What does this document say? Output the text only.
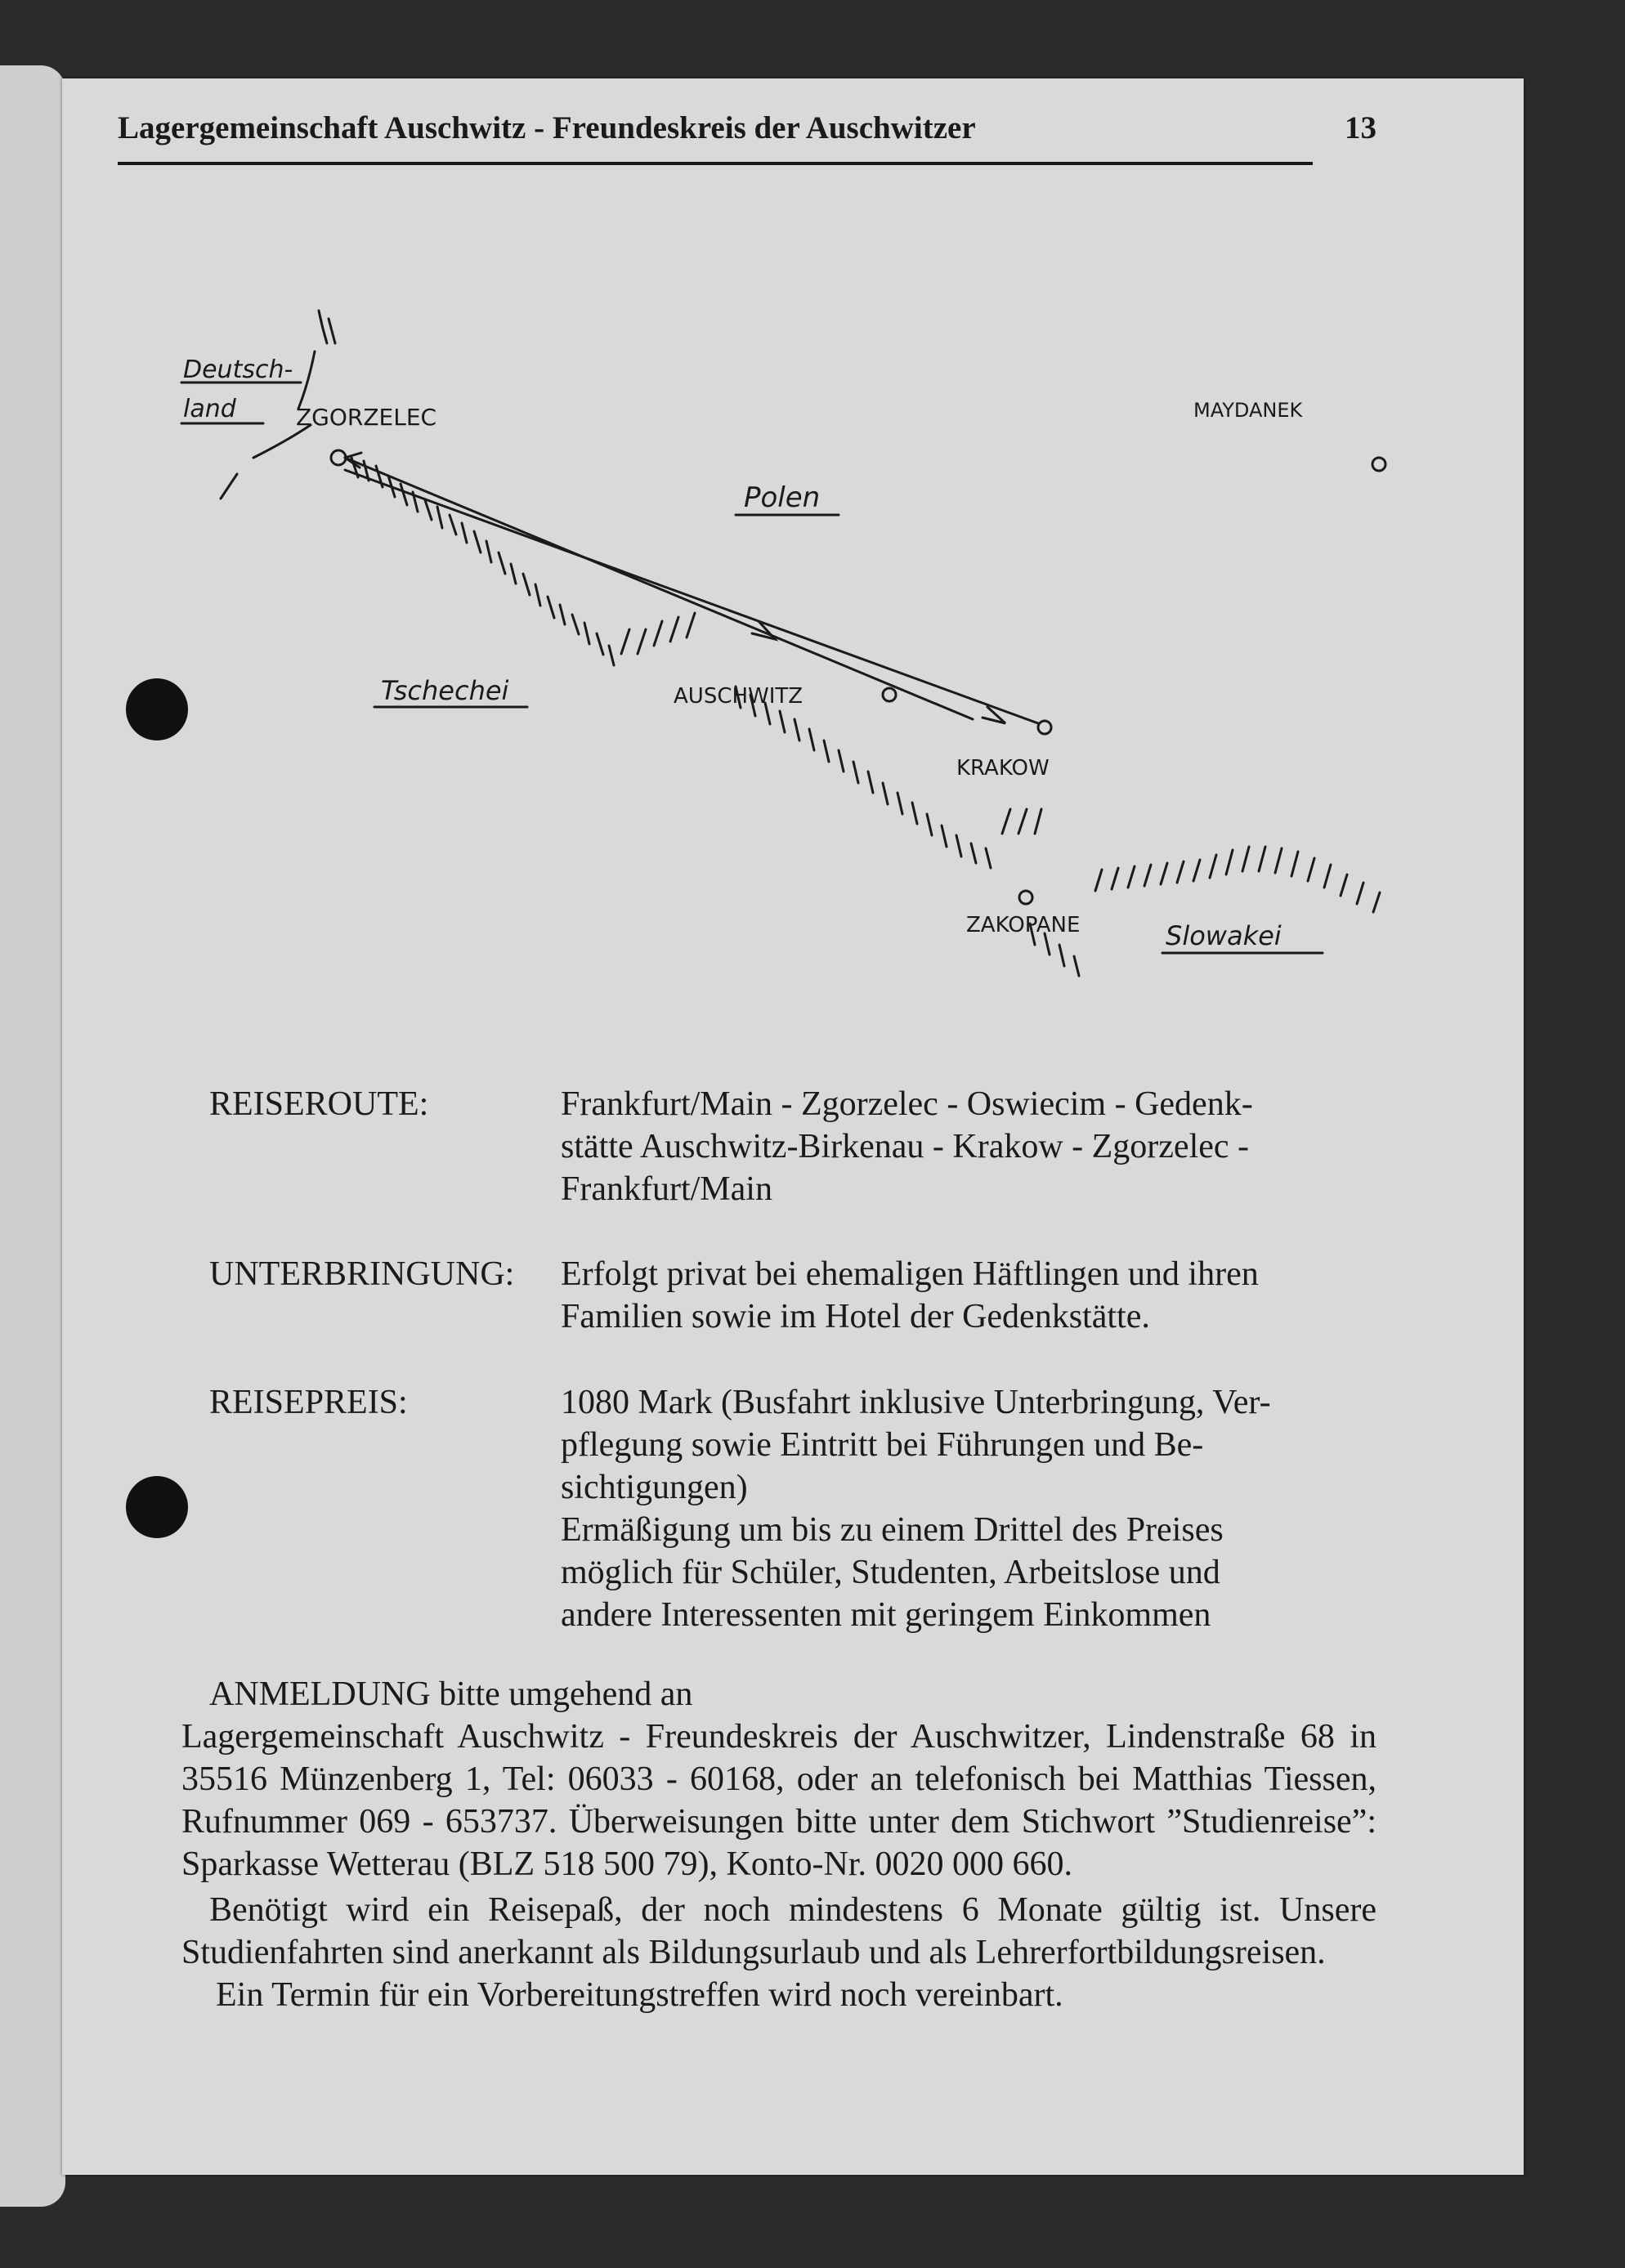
Lagergemeinschaft Auschwitz - Freundeskreis der Auschwitzer	13
Deutsch-
land	ZGORZELEC
Polen
MAYDANEK
Tschechei	AUSCHWITZ
KRAKOW
ZAKOPANE	Slowakei
REISEROUTE:	Frankfurt/Main - Zgorzelec - Oswiecim - Gedenk-
stätte Auschwitz-Birkenau - Krakow - Zgorzelec -
Frankfurt/Main
UNTERBRINGUNG: Erfolgt privat bei ehemaligen Häftlingen und ihren
Familien sowie im Hotel der Gedenkstätte.
REISEPREIS:	1080 Mark (Busfahrt inklusive Unterbringung, Ver-
pflegung sowie Eintritt bei Führungen und Be-
sichtigungen)
Ermäßigung um bis zu einem Drittel des Preises
möglich für Schüler, Studenten, Arbeitslose und
andere Interessenten mit geringem Einkommen

ANMELDUNG bitte umgehend an

Lagergemeinschaft Auschwitz - Freundeskreis der Auschwitzer, Lindenstraße 68 in 35516 Münzenberg 1, Tel: 06033 - 60168, oder an telefonisch bei Matthias Tiessen, Rufnummer 069 - 653737. Überweisungen bitte unter dem Stichwort ”Studienreise”: Sparkasse Wetterau (BLZ 518 500 79), Konto-Nr. 0020 000 660.

Benötigt wird ein Reisepaß, der noch mindestens 6 Monate gültig ist. Unsere Studienfahrten sind anerkannt als Bildungsurlaub und als Lehrerfortbildungsreisen.

Ein Termin für ein Vorbereitungstreffen wird noch vereinbart.
